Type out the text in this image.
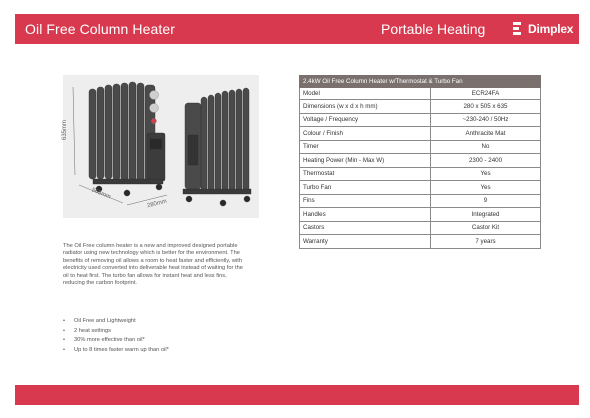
Oil Free Column Heater	Portable Heating	Dimplex
635mm
505mm
280mm
2.4kW Oil Free Column Heater w/Thermostat & Turbo Fan	
Model	ECR24FA
Dimensions (w x d x h mm)	280 x 505 x 635
Voltage / Frequency	~230-240 / 50Hz
Colour / Finish	Anthracite Mat
Timer	No
Heating Power (Min - Max W)	2300 - 2400
Thermostat	Yes
Turbo Fan	Yes
Fins	9
Handles	Integrated
Castors	Castor Kit
Warranty	7 years

The Oil Free column heater is a new and improved designed portable radiator using new technology which is better for the environment. The benefits of removing oil allows a room to heat faster and efficiently, with electricity used converted into deliverable heat instead of waiting for the oil to heat first. The turbo fan allows for instant heat and less fins, reducing the carbon footprint.

• Oil Free and Lightweight
• 2 heat settings
• 30% more effective than oil*
• Up to 8 times faster warm up than oil*
